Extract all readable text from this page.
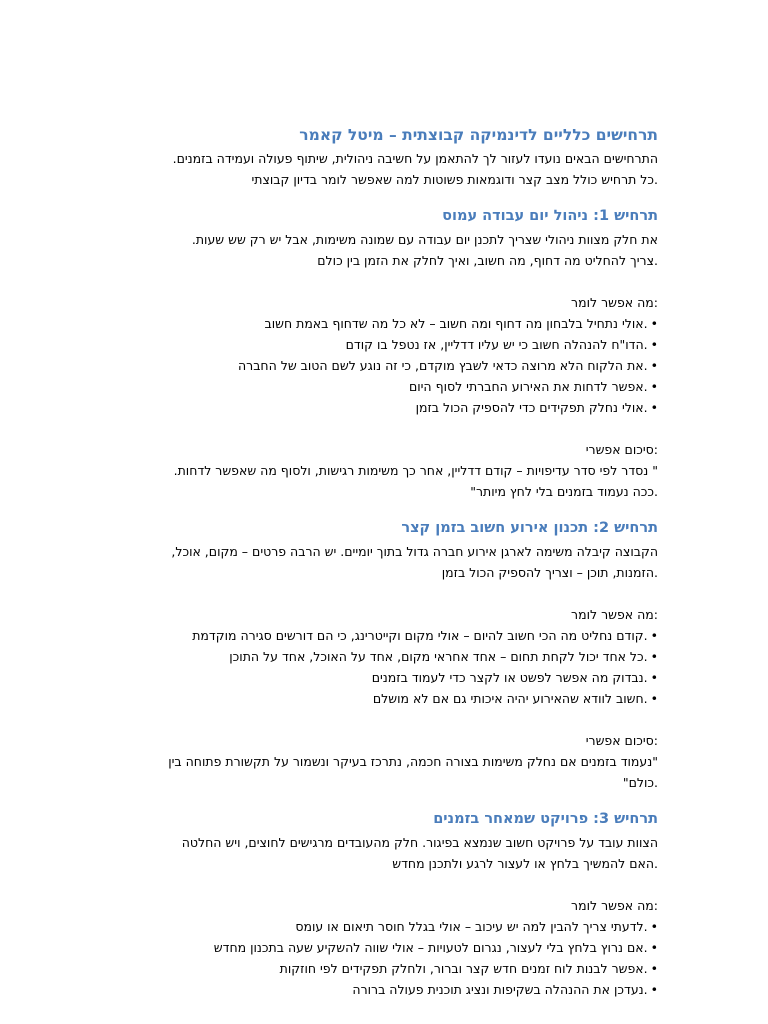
תרחישים כלליים לדינמיקה קבוצתית – מיטל קאמר
התרחישים הבאים נועדו לעזור לך להתאמן על חשיבה ניהולית, שיתוף פעולה ועמידה בזמנים.
.כל תרחיש כולל מצב קצר ודוגמאות פשוטות למה שאפשר לומר בדיון קבוצתי
תרחיש 1: ניהול יום עבודה עמוס
את חלק מצוות ניהולי שצריך לתכנן יום עבודה עם שמונה משימות, אבל יש רק שש שעות.
.צריך להחליט מה דחוף, מה חשוב, ואיך לחלק את הזמן בין כולם
:מה אפשר לומר
•.אולי נתחיל בלבחון מה דחוף ומה חשוב – לא כל מה שדחוף באמת חשוב
•.הדו"ח להנהלה חשוב כי יש עליו דדליין, אז נטפל בו קודם
•.את הלקוח הלא מרוצה כדאי לשבץ מוקדם, כי זה נוגע לשם הטוב של החברה
•.אפשר לדחות את האירוע החברתי לסוף היום
•.אולי נחלק תפקידים כדי להספיק הכול בזמן
:סיכום אפשרי
" נסדר לפי סדר עדיפויות – קודם דדליין, אחר כך משימות רגישות, ולסוף מה שאפשר לדחות.
.ככה נעמוד בזמנים בלי לחץ מיותר"
תרחיש 2: תכנון אירוע חשוב בזמן קצר
הקבוצה קיבלה משימה לארגן אירוע חברה גדול בתוך יומיים. יש הרבה פרטים – מקום, אוכל,
.הזמנות, תוכן – וצריך להספיק הכול בזמן
:מה אפשר לומר
•.קודם נחליט מה הכי חשוב להיום – אולי מקום וקייטרינג, כי הם דורשים סגירה מוקדמת
•.כל אחד יכול לקחת תחום – אחד אחראי מקום, אחד על האוכל, אחד על התוכן
•.נבדוק מה אפשר לפשט או לקצר כדי לעמוד בזמנים
•.חשוב לוודא שהאירוע יהיה איכותי גם אם לא מושלם
:סיכום אפשרי
"נעמוד בזמנים אם נחלק משימות בצורה חכמה, נתרכז בעיקר ונשמור על תקשורת פתוחה בין
.כולם"
תרחיש 3: פרויקט שמאחר בזמנים
הצוות עובד על פרויקט חשוב שנמצא בפיגור. חלק מהעובדים מרגישים לחוצים, ויש החלטה
.האם להמשיך בלחץ או לעצור לרגע ולתכנן מחדש
:מה אפשר לומר
•.לדעתי צריך להבין למה יש עיכוב – אולי בגלל חוסר תיאום או עומס
•.אם נרוץ בלחץ בלי לעצור, נגרום לטעויות – אולי שווה להשקיע שעה בתכנון מחדש
•.אפשר לבנות לוח זמנים חדש קצר וברור, ולחלק תפקידים לפי חוזקות
•.נעדכן את ההנהלה בשקיפות ונציג תוכנית פעולה ברורה
